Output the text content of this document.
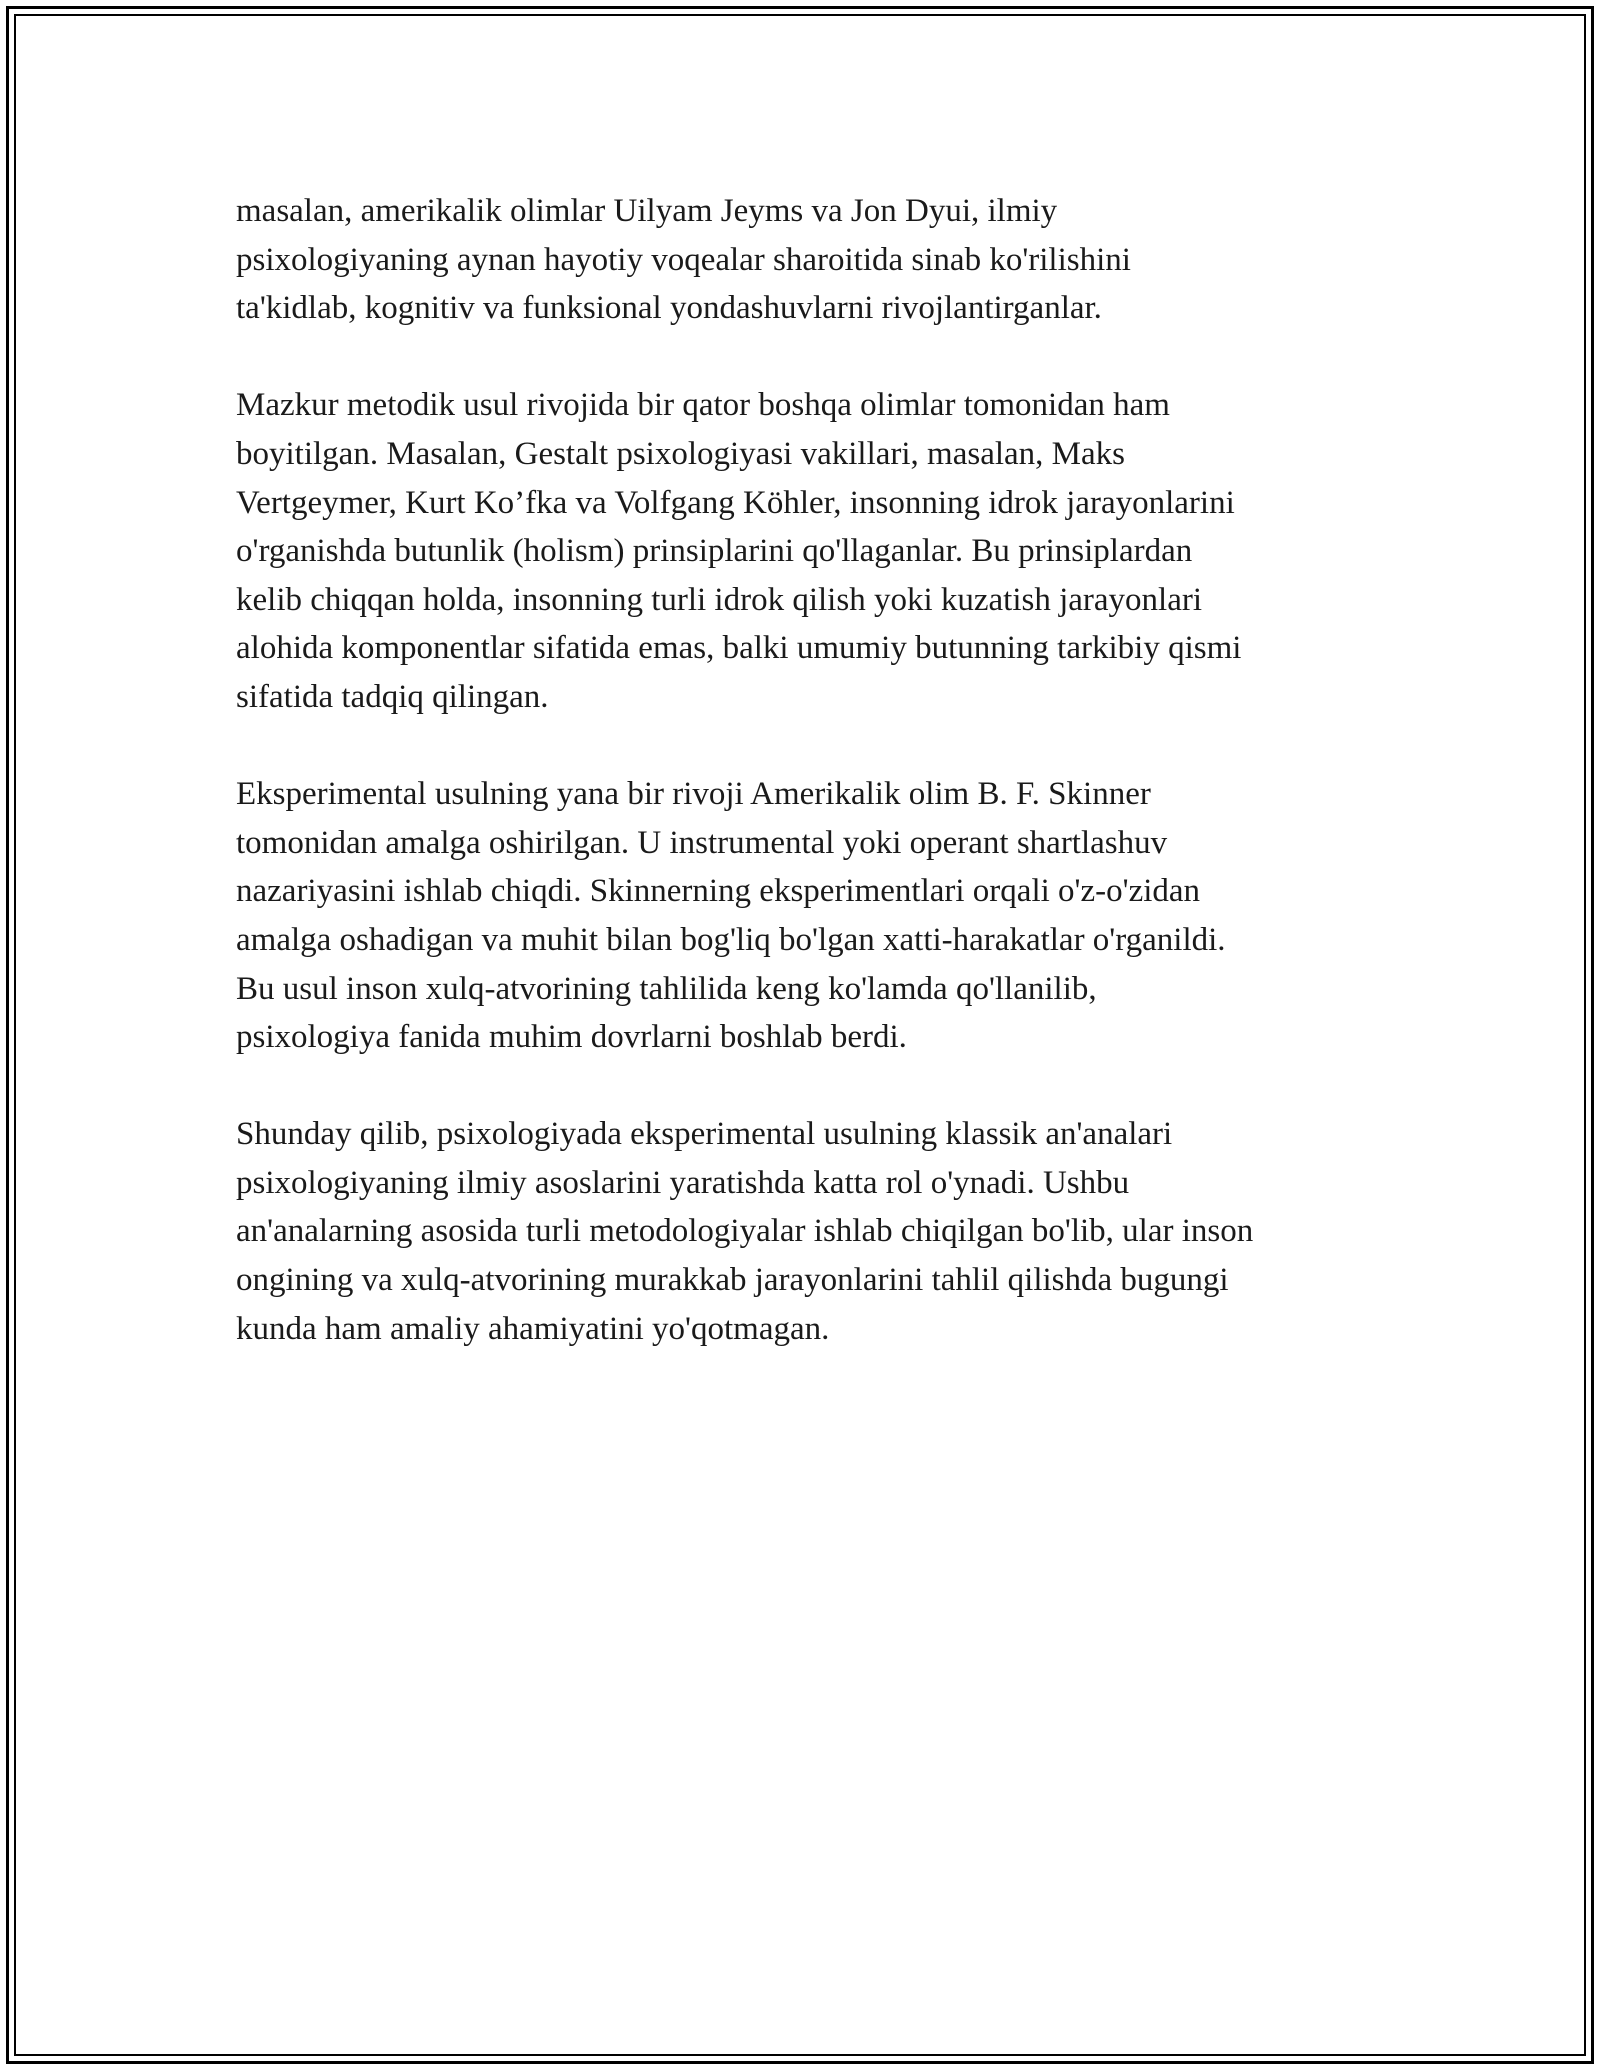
masalan, amerikalik olimlar Uilyam Jeyms va Jon Dyui, ilmiy
psixologiyaning aynan hayotiy voqealar sharoitida sinab ko'rilishini
ta'kidlab, kognitiv va funksional yondashuvlarni rivojlantirganlar.

Mazkur metodik usul rivojida bir qator boshqa olimlar tomonidan ham
boyitilgan. Masalan, Gestalt psixologiyasi vakillari, masalan, Maks
Vertgeymer, Kurt Ko’fka va Volfgang Köhler, insonning idrok jarayonlarini
o'rganishda butunlik (holism) prinsiplarini qo'llaganlar. Bu prinsiplardan
kelib chiqqan holda, insonning turli idrok qilish yoki kuzatish jarayonlari
alohida komponentlar sifatida emas, balki umumiy butunning tarkibiy qismi
sifatida tadqiq qilingan.

Eksperimental usulning yana bir rivoji Amerikalik olim B. F. Skinner
tomonidan amalga oshirilgan. U instrumental yoki operant shartlashuv
nazariyasini ishlab chiqdi. Skinnerning eksperimentlari orqali o'z-o'zidan
amalga oshadigan va muhit bilan bog'liq bo'lgan xatti-harakatlar o'rganildi.
Bu usul inson xulq-atvorining tahlilida keng ko'lamda qo'llanilib,
psixologiya fanida muhim dovrlarni boshlab berdi.

Shunday qilib, psixologiyada eksperimental usulning klassik an'analari
psixologiyaning ilmiy asoslarini yaratishda katta rol o'ynadi. Ushbu
an'analarning asosida turli metodologiyalar ishlab chiqilgan bo'lib, ular inson
ongining va xulq-atvorining murakkab jarayonlarini tahlil qilishda bugungi
kunda ham amaliy ahamiyatini yo'qotmagan.
